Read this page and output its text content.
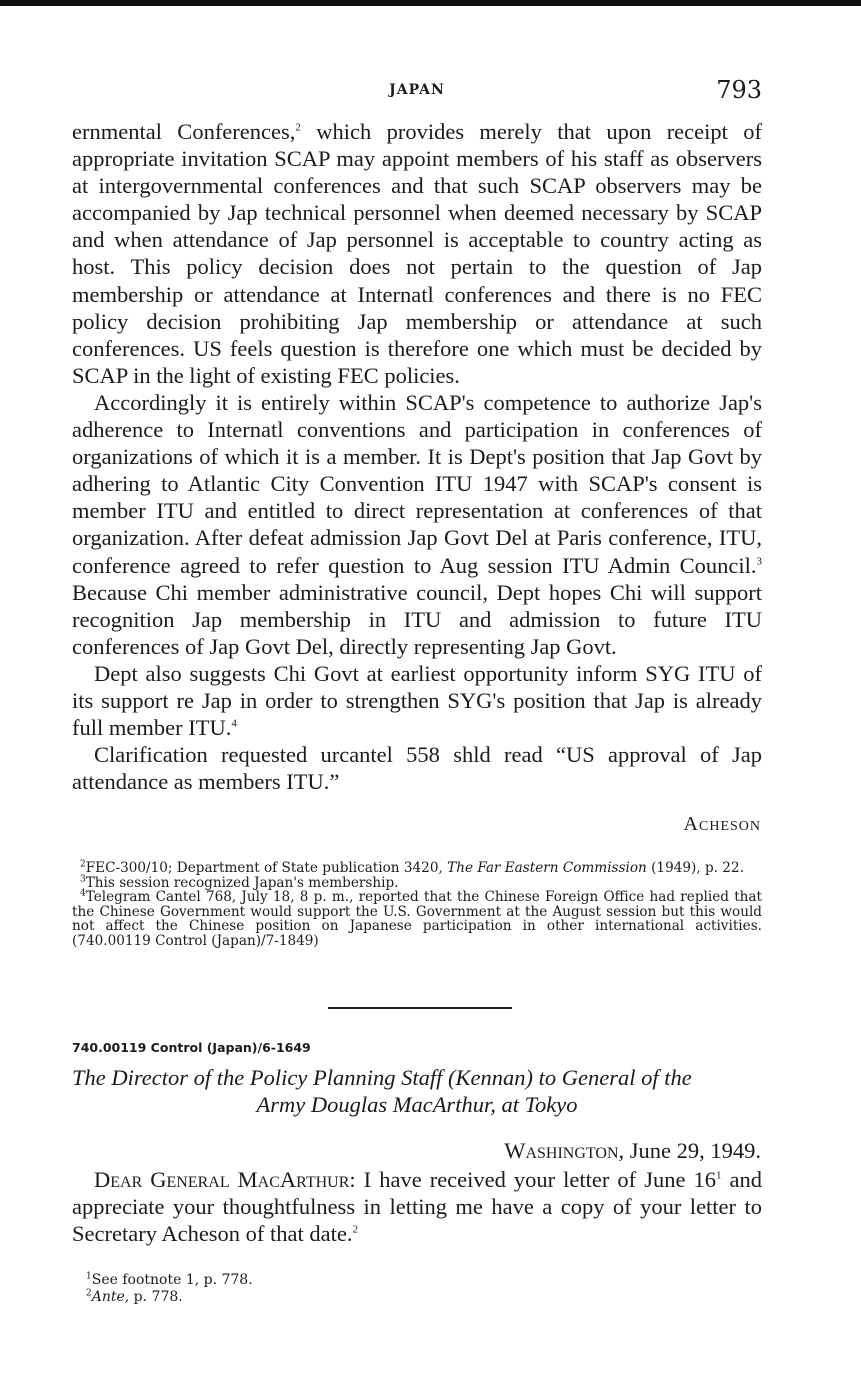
JAPAN	793

ernmental Conferences,$^2$ which provides merely that upon receipt of appropriate invitation SCAP may appoint members of his staff as observers at intergovernmental conferences and that such SCAP observers may be accompanied by Jap technical personnel when deemed necessary by SCAP and when attendance of Jap personnel is acceptable to country acting as host. This policy decision does not pertain to the question of Jap membership or attendance at Internatl conferences and there is no FEC policy decision prohibiting Jap membership or attendance at such conferences. US feels question is therefore one which must be decided by SCAP in the light of existing FEC policies.

Accordingly it is entirely within SCAP's competence to authorize Jap's adherence to Internatl conventions and participation in conferences of organizations of which it is a member. It is Dept's position that Jap Govt by adhering to Atlantic City Convention ITU 1947 with SCAP's consent is member ITU and entitled to direct representation at conferences of that organization. After defeat admission Jap Govt Del at Paris conference, ITU, conference agreed to refer question to Aug session ITU Admin Council.$^3$ Because Chi member administrative council, Dept hopes Chi will support recognition Jap membership in ITU and admission to future ITU conferences of Jap Govt Del, directly representing Jap Govt.

Dept also suggests Chi Govt at earliest opportunity inform SYG ITU of its support re Jap in order to strengthen SYG's position that Jap is already full member ITU.$^4$

Clarification requested urcantel 558 shld read “US approval of Jap attendance as members ITU.”

Acheson

$^2$FEC-300/10; Department of State publication 3420, The Far Eastern Commission (1949), p. 22.

$^3$This session recognized Japan's membership.

$^4$Telegram Cantel 768, July 18, 8 p. m., reported that the Chinese Foreign Office had replied that the Chinese Government would support the U.S. Government at the August session but this would not affect the Chinese position on Japanese participation in other international activities. (740.00119 Control (Japan)/7-1849)

740.00119 Control (Japan)/6-1649
The Director of the Policy Planning Staff (Kennan) to General of the
Army Douglas MacArthur, at Tokyo
Washington, June 29, 1949.

Dear General MacArthur: I have received your letter of June $16^1$ and appreciate your thoughtfulness in letting me have a copy of your letter to Secretary Acheson of that date.$^2$

$^1$See footnote 1, p. 778.

$^2$Ante, p. 778.
